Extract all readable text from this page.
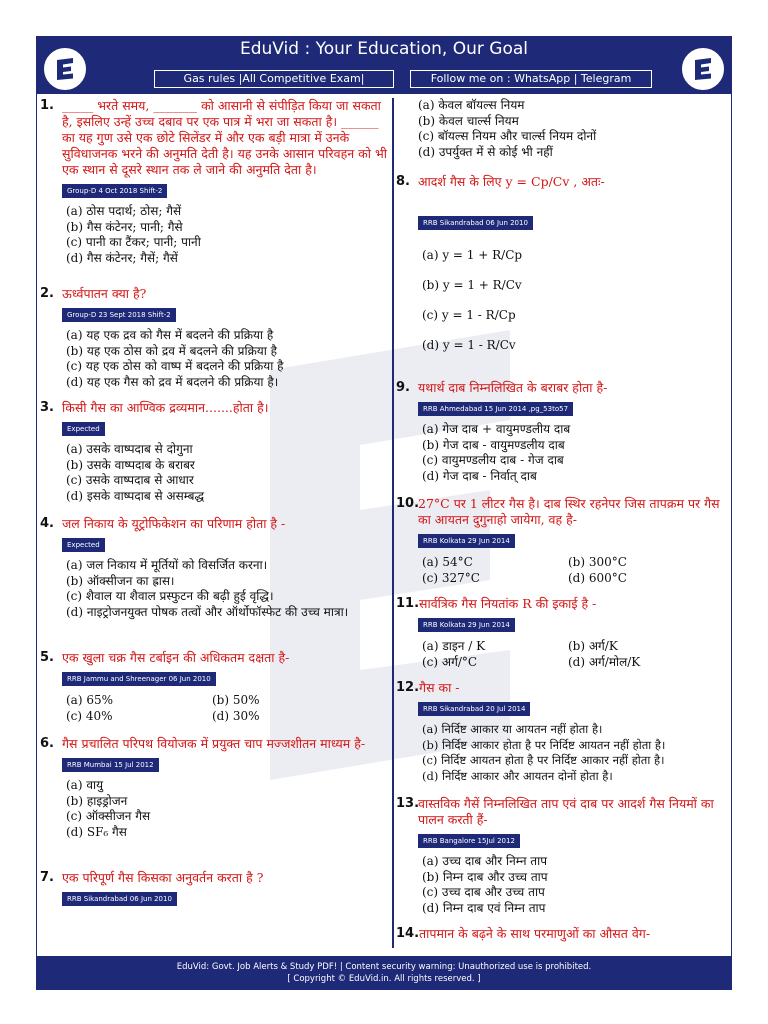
EduVid : Your Education, Our Goal
Gas rules |All Competitive Exam|	Follow me on : WhatsApp | Telegram
1. _____ भरते समय, _______ को आसानी से संपीड़ित किया जा सकता है, इसलिए उन्हें उच्च दबाव पर एक पात्र में भरा जा सकता है। ______ का यह गुण उसे एक छोटे सिलेंडर में और एक बड़ी मात्रा में उनके सुविधाजनक भरने की अनुमति देती है। यह उनके आसान परिवहन को भी एक स्थान से दूसरे स्थान तक ले जाने की अनुमति देता है।
Group-D 4 Oct 2018 Shift-2
(a) ठोस पदार्थ; ठोस; गैसें
(b) गैस कंटेनर; पानी; गैसे
(c) पानी का टैंकर; पानी; पानी
(d) गैस कंटेनर; गैसें; गैसें
2. ऊर्ध्वपातन क्या है?
Group-D 23 Sept 2018 Shift-2
(a) यह एक द्रव को गैस में बदलने की प्रक्रिया है
(b) यह एक ठोस को द्रव में बदलने की प्रक्रिया है
(c) यह एक ठोस को वाष्प में बदलने की प्रक्रिया है
(d) यह एक गैस को द्रव में बदलने की प्रक्रिया है।
3. किसी गैस का आण्विक द्रव्यमान.......होता है।
Expected
(a) उसके वाष्पदाब से दोगुना
(b) उसके वाष्पदाब के बराबर
(c) उसके वाष्पदाब से आधार
(d) इसके वाष्पदाब से असम्बद्ध
4. जल निकाय के यूट्रोफिकेशन का परिणाम होता है -
Expected
(a) जल निकाय में मूर्तियों को विसर्जित करना।
(b) ऑक्सीजन का ह्रास।
(c) शैवाल या शैवाल प्रस्फुटन की बढ़ी हुई वृद्धि।
(d) नाइट्रोजनयुक्त पोषक तत्वों और ऑर्थोफॉस्फेट की उच्च मात्रा।
5. एक खुला चक्र गैस टर्बाइन की अधिकतम दक्षता है-
RRB Jammu and Shreenager 06 Jun 2010
(a) 65%	(b) 50%
(c) 40%	(d) 30%
6. गैस प्रचालित परिपथ वियोजक में प्रयुक्त चाप मज्जशीतन माध्यम है-
RRB Mumbai 15 Jul 2012
(a) वायु
(b) हाइड्रोजन
(c) ऑक्सीजन गैस
(d) SF₆ गैस
7. एक परिपूर्ण गैस किसका अनुवर्तन करता है ?
RRB Sikandrabad 06 Jun 2010
(a) केवल बॉयल्स नियम
(b) केवल चार्ल्स नियम
(c) बॉयल्स नियम और चार्ल्स नियम दोनों
(d) उपर्युक्त में से कोई भी नहीं
8. आदर्श गैस के लिए y = Cp/Cv , अतः-
RRB Sikandrabad 06 Jun 2010
(a) y = 1 + R/Cp
(b) y = 1 + R/Cv
(c) y = 1 - R/Cp
(d) y = 1 - R/Cv
9. यथार्थ दाब निम्नलिखित के बराबर होता है-
RRB Ahmedabad 15 Jun 2014 ,pg_53to57
(a) गेज दाब + वायुमण्डलीय दाब
(b) गेज दाब - वायुमण्डलीय दाब
(c) वायुमण्डलीय दाब - गेज दाब
(d) गेज दाब - निर्वात् दाब
10.
27°C पर 1 लीटर गैस है। दाब स्थिर रहनेपर जिस तापक्रम पर गैस का आयतन दुगुनाहो जायेगा, वह है-
RRB Kolkata 29 Jun 2014
(a) 54°C	(b) 300°C
(c) 327°C	(d) 600°C
11. सार्वत्रिक गैस नियतांक R की इकाई है -
RRB Kolkata 29 Jun 2014
(a) डाइन / K	(b) अर्ग/K
(c) अर्ग/°C	(d) अर्ग/मोल/K
12. गैस का -
RRB Sikandrabad 20 Jul 2014
(a) निर्दिष्ट आकार या आयतन नहीं होता है।
(b) निर्दिष्ट आकार होता है पर निर्दिष्ट आयतन नहीं होता है।
(c) निर्दिष्ट आयतन होता है पर निर्दिष्ट आकार नहीं होता है।
(d) निर्दिष्ट आकार और आयतन दोनों होता है।
13.
वास्तविक गैसें निम्नलिखित ताप एवं दाब पर आदर्श गैस नियमों का पालन करती हैं-
RRB Bangalore 15Jul 2012
(a) उच्च दाब और निम्न ताप
(b) निम्न दाब और उच्च ताप
(c) उच्च दाब और उच्च ताप
(d) निम्न दाब एवं निम्न ताप
14. तापमान के बढ़ने के साथ परमाणुओं का औसत वेग-
EduVid: Govt. Job Alerts & Study PDF! | Content security warning: Unauthorized use is prohibited.
[ Copyright © EduVid.in. All rights reserved. ]
